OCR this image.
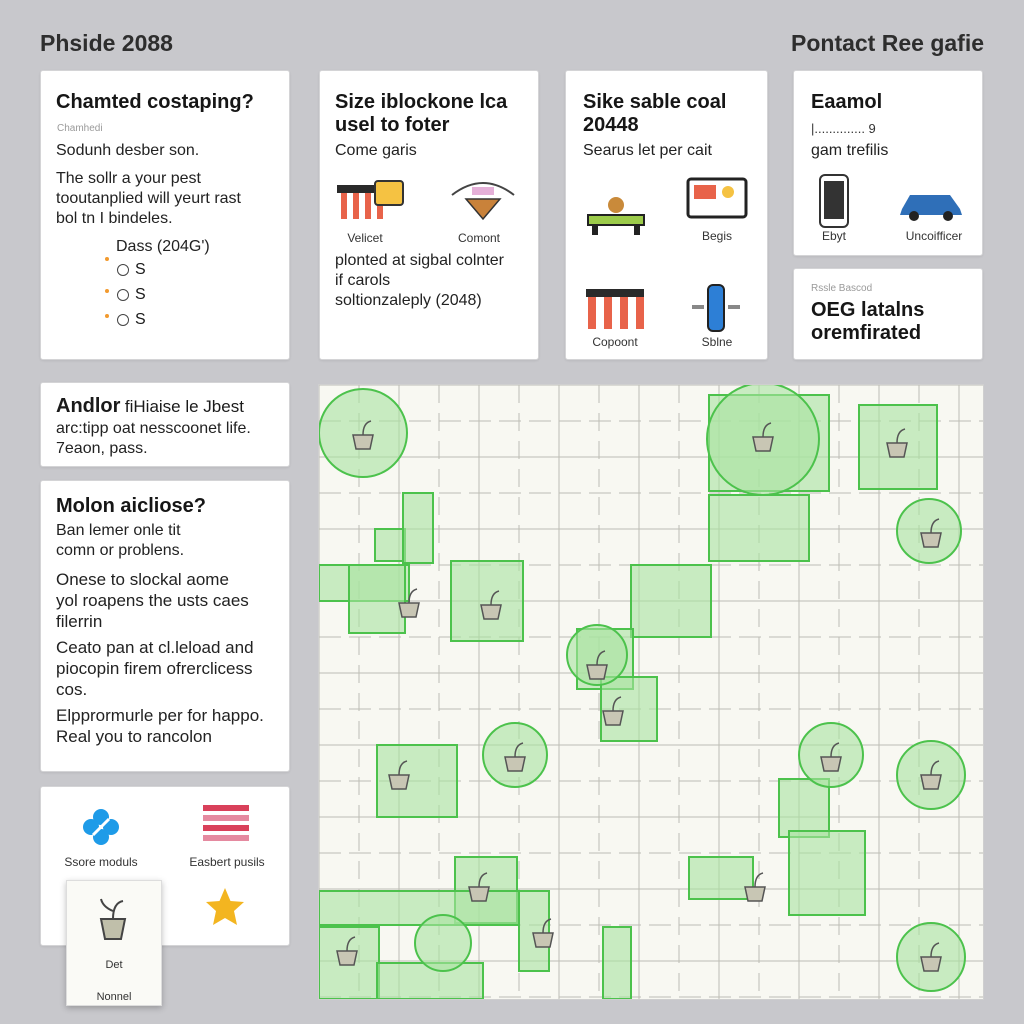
Phside 2088	Pontact Ree gafie
Chamted costaping?
Chamhedi
Sodunh desber son.
The sollr a your pest
tooutanplied will yeurt rast
bol tn I bindeles.
Dass (204G')
S
S
S
Size iblockone lca
usel to foter
Come garis
Velicet	Comont
plonted at sigbal colnter
if carols
soltionzaleply (2048)
Sike sable coal
20448
Searus let per cait
Begis
Copoont	Sblne
Eaamol
|.............. 9
gam trefilis
Ebyt	Uncoifficer
Rssle Bascod
OEG latalns
oremfirated
Andlor fiHiaise le Jbest
arc:tipp oat nesscoonet life.
7eaon, pass.
Molon aicliose?
Ban lemer onle tit
comn or problens.
Onese to slockal aome
yol roapens the usts caes
filerrin
Ceato pan at cl.leload and
piocopin firem ofrerclicess
cos.
Elpprormurle per for happo.
Real you to rancolon
Ssore moduls	Easbert pusils
Det
Nonnel
